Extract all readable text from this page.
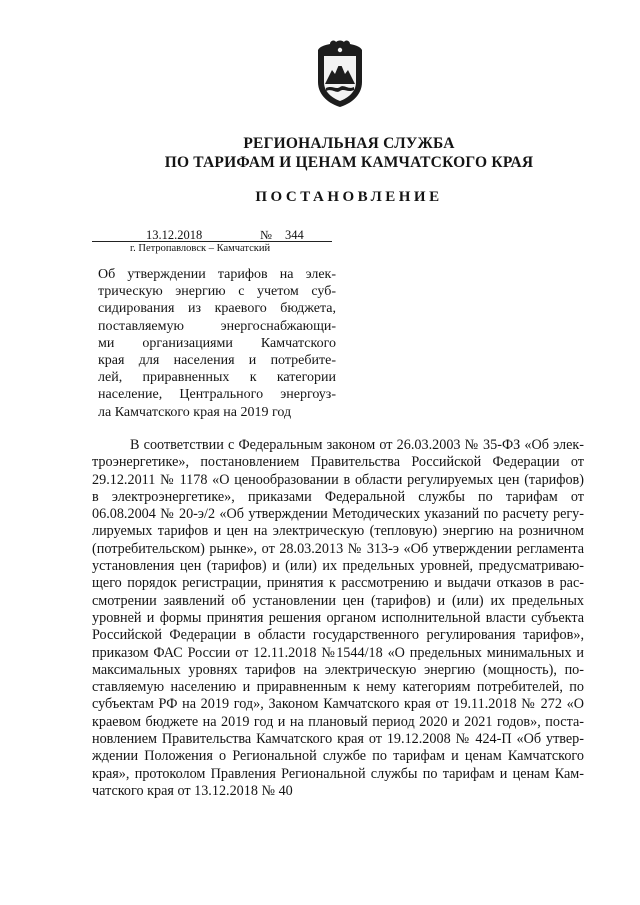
РЕГИОНАЛЬНАЯ СЛУЖБА
ПО ТАРИФАМ И ЦЕНАМ КАМЧАТСКОГО КРАЯ
ПОСТАНОВЛЕНИЕ
13.12.2018	№ 344
г. Петропавловск – Камчатский
Об утверждении тарифов на элек-
трическую энергию с учетом суб-
сидирования из краевого бюджета,
поставляемую энергоснабжающи-
ми организациями Камчатского
края для населения и потребите-
лей, приравненных к категории
население, Центрального энергоуз-
ла Камчатского края на 2019 год
В соответствии с Федеральным законом от 26.03.2003 № 35-ФЗ «Об элек-
троэнергетике», постановлением Правительства Российской Федерации от
29.12.2011 № 1178 «О ценообразовании в области регулируемых цен (тарифов)
в электроэнергетике», приказами Федеральной службы по тарифам от
06.08.2004 № 20-э/2 «Об утверждении Методических указаний по расчету регу-
лируемых тарифов и цен на электрическую (тепловую) энергию на розничном
(потребительском) рынке», от 28.03.2013 № 313-э «Об утверждении регламента
установления цен (тарифов) и (или) их предельных уровней, предусматриваю-
щего порядок регистрации, принятия к рассмотрению и выдачи отказов в рас-
смотрении заявлений об установлении цен (тарифов) и (или) их предельных
уровней и формы принятия решения органом исполнительной власти субъекта
Российской Федерации в области государственного регулирования тарифов»,
приказом ФАС России от 12.11.2018 №1544/18 «О предельных минимальных и
максимальных уровнях тарифов на электрическую энергию (мощность), по-
ставляемую населению и приравненным к нему категориям потребителей, по
субъектам РФ на 2019 год», Законом Камчатского края от 19.11.2018 № 272 «О
краевом бюджете на 2019 год и на плановый период 2020 и 2021 годов», поста-
новлением Правительства Камчатского края от 19.12.2008 № 424-П «Об утвер-
ждении Положения о Региональной службе по тарифам и ценам Камчатского
края», протоколом Правления Региональной службы по тарифам и ценам Кам-
чатского края от 13.12.2018 № 40
